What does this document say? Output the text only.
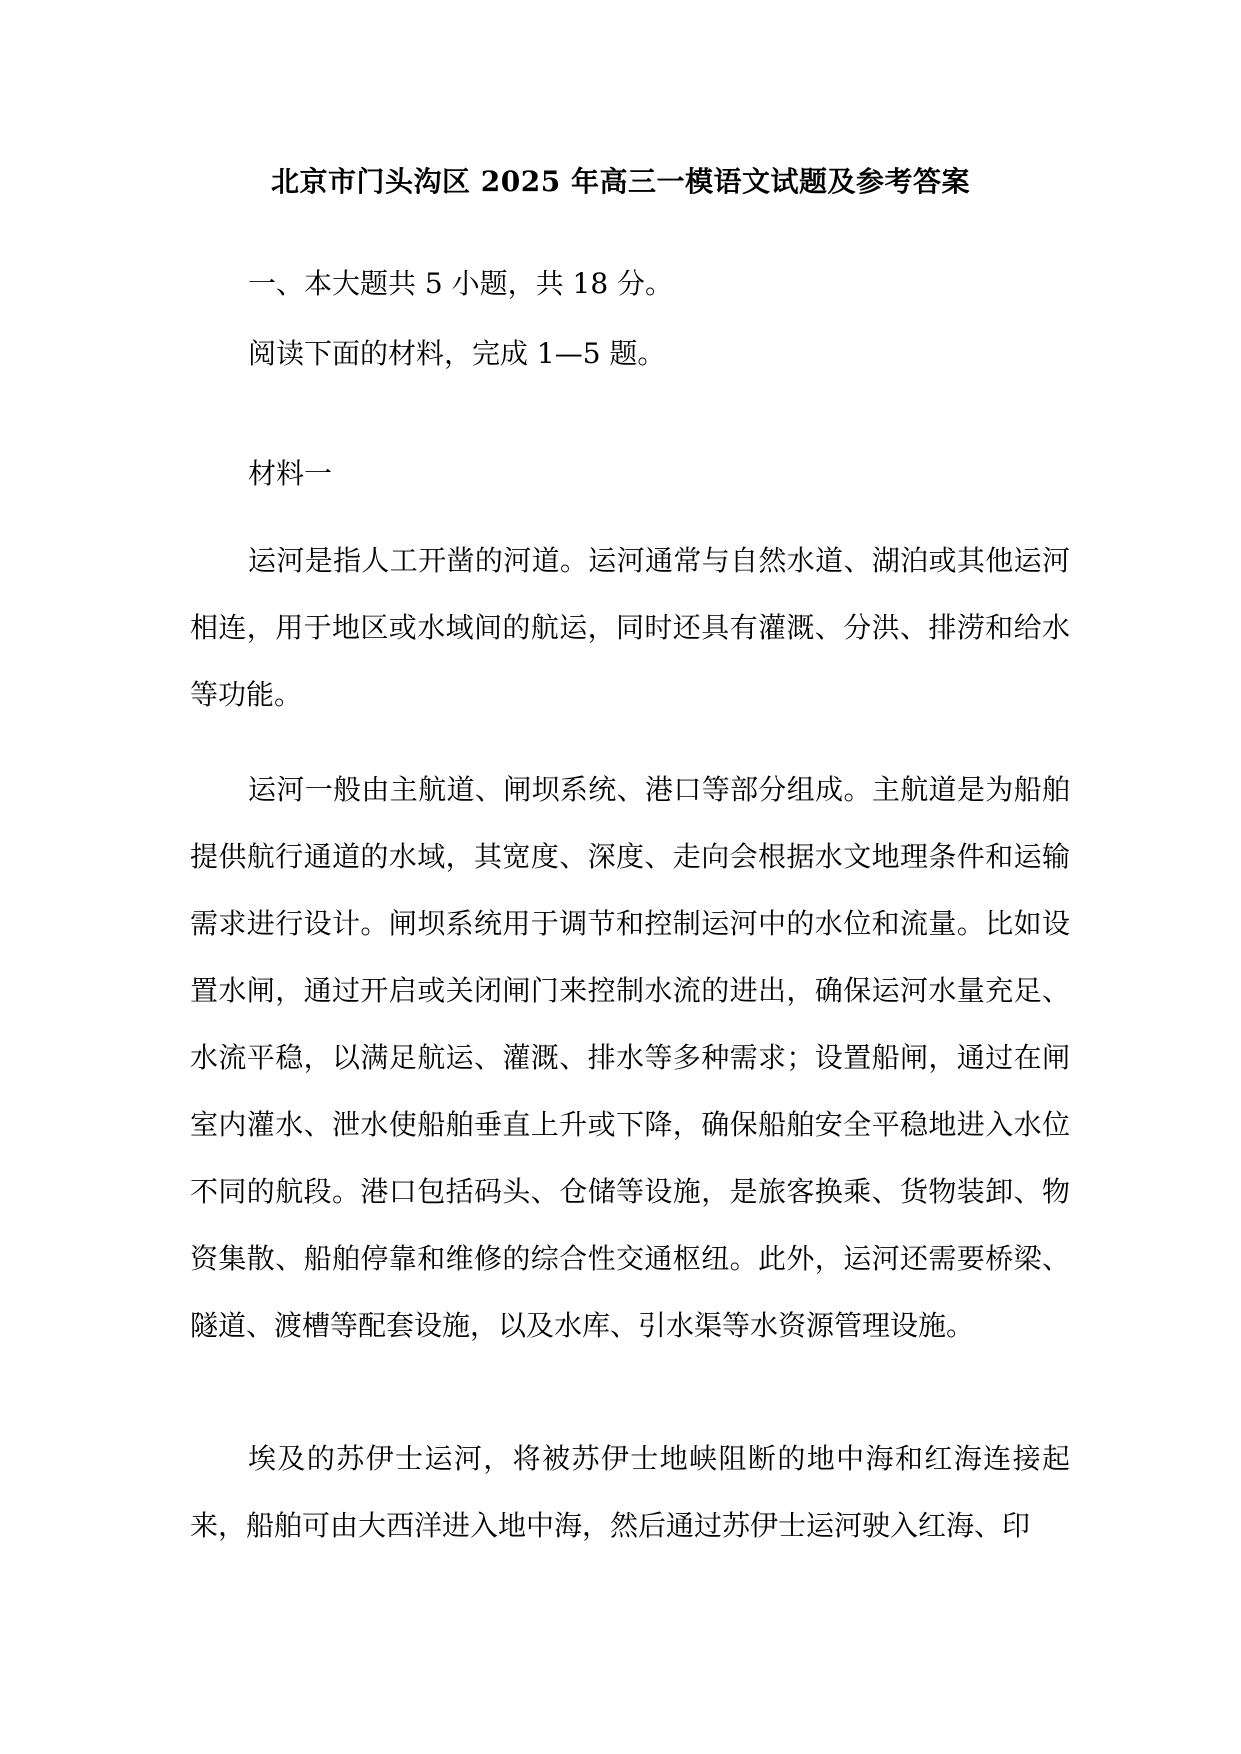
北京市门头沟区 2025 年高三一模语文试题及参考答案

一、本大题共 5 小题，共 18 分。

阅读下面的材料，完成 1—5 题。

材料一

运河是指人工开凿的河道。运河通常与自然水道、湖泊或其他运河相连，用于地区或水域间的航运，同时还具有灌溉、分洪、排涝和给水等功能。

运河一般由主航道、闸坝系统、港口等部分组成。主航道是为船舶提供航行通道的水域，其宽度、深度、走向会根据水文地理条件和运输需求进行设计。闸坝系统用于调节和控制运河中的水位和流量。比如设置水闸，通过开启或关闭闸门来控制水流的进出，确保运河水量充足、水流平稳，以满足航运、灌溉、排水等多种需求；设置船闸，通过在闸室内灌水、泄水使船舶垂直上升或下降，确保船舶安全平稳地进入水位不同的航段。港口包括码头、仓储等设施，是旅客换乘、货物装卸、物资集散、船舶停靠和维修的综合性交通枢纽。此外，运河还需要桥梁、隧道、渡槽等配套设施，以及水库、引水渠等水资源管理设施。

埃及的苏伊士运河，将被苏伊士地峡阻断的地中海和红海连接起来，船舶可由大西洋进入地中海，然后通过苏伊士运河驶入红海、印
